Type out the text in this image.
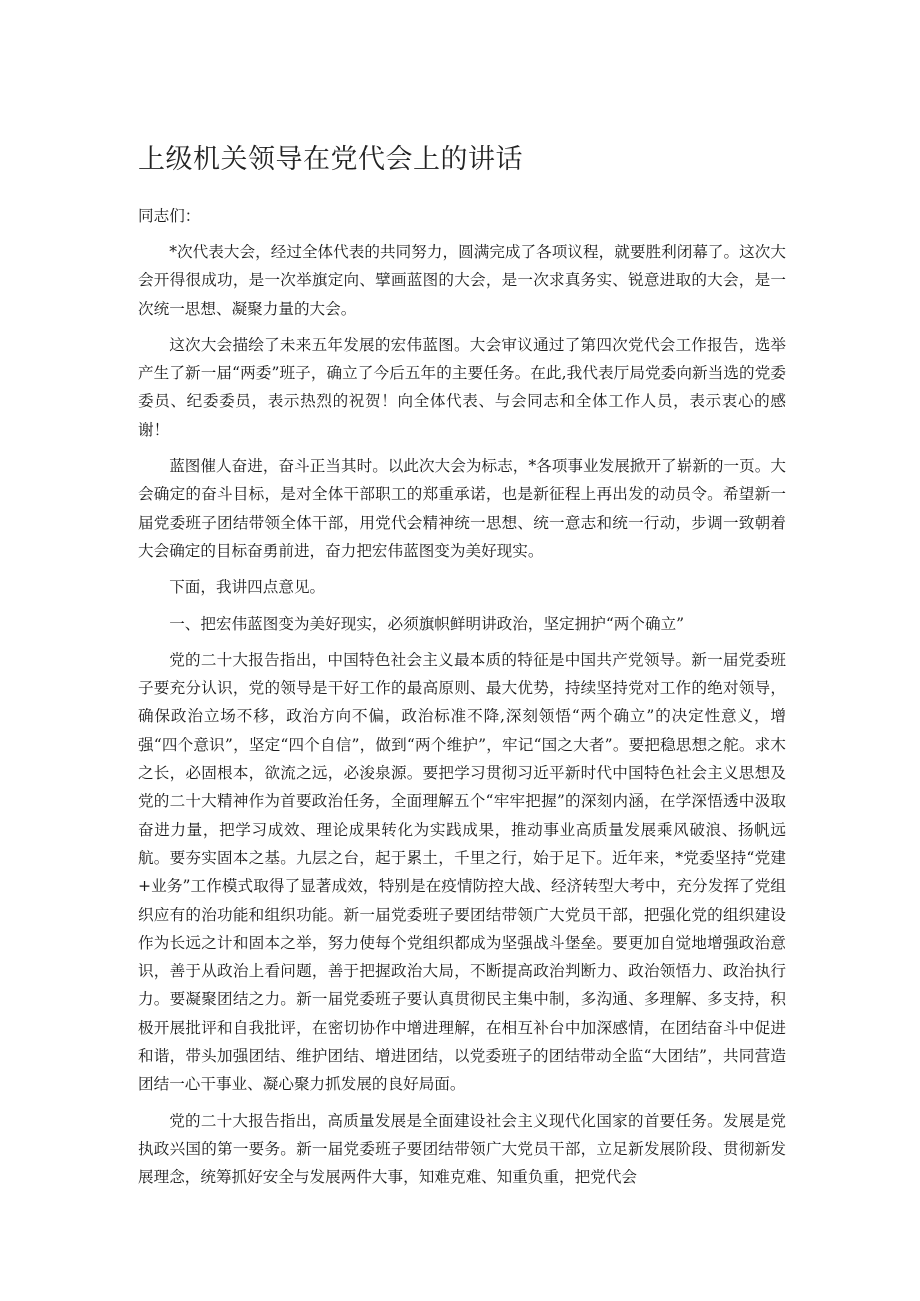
上级机关领导在党代会上的讲话

同志们：

*次代表大会，经过全体代表的共同努力，圆满完成了各项议程，就要胜利闭幕了。这次大会开得很成功，是一次举旗定向、擘画蓝图的大会，是一次求真务实、锐意进取的大会，是一次统一思想、凝聚力量的大会。

这次大会描绘了未来五年发展的宏伟蓝图。大会审议通过了第四次党代会工作报告，选举产生了新一届“两委”班子，确立了今后五年的主要任务。在此,我代表厅局党委向新当选的党委委员、纪委委员，表示热烈的祝贺！向全体代表、与会同志和全体工作人员，表示衷心的感谢！

蓝图催人奋进，奋斗正当其时。以此次大会为标志，*各项事业发展掀开了崭新的一页。大会确定的奋斗目标，是对全体干部职工的郑重承诺，也是新征程上再出发的动员令。希望新一届党委班子团结带领全体干部，用党代会精神统一思想、统一意志和统一行动，步调一致朝着大会确定的目标奋勇前进，奋力把宏伟蓝图变为美好现实。

下面，我讲四点意见。

一、把宏伟蓝图变为美好现实，必须旗帜鲜明讲政治，坚定拥护“两个确立”

党的二十大报告指出，中国特色社会主义最本质的特征是中国共产党领导。新一届党委班子要充分认识，党的领导是干好工作的最高原则、最大优势，持续坚持党对工作的绝对领导，确保政治立场不移，政治方向不偏，政治标准不降,深刻领悟“两个确立”的决定性意义，增强“四个意识”，坚定“四个自信”，做到“两个维护”，牢记“国之大者”。要把稳思想之舵。求木之长，必固根本，欲流之远，必浚泉源。要把学习贯彻习近平新时代中国特色社会主义思想及党的二十大精神作为首要政治任务，全面理解五个“牢牢把握”的深刻内涵，在学深悟透中汲取奋进力量，把学习成效、理论成果转化为实践成果，推动事业高质量发展乘风破浪、扬帆远航。要夯实固本之基。九层之台，起于累土，千里之行，始于足下。近年来，*党委坚持“党建+业务”工作模式取得了显著成效，特别是在疫情防控大战、经济转型大考中，充分发挥了党组织应有的治功能和组织功能。新一届党委班子要团结带领广大党员干部，把强化党的组织建设作为长远之计和固本之举，努力使每个党组织都成为坚强战斗堡垒。要更加自觉地增强政治意识，善于从政治上看问题，善于把握政治大局，不断提高政治判断力、政治领悟力、政治执行力。要凝聚团结之力。新一届党委班子要认真贯彻民主集中制，多沟通、多理解、多支持，积极开展批评和自我批评，在密切协作中增进理解，在相互补台中加深感情，在团结奋斗中促进和谐，带头加强团结、维护团结、增进团结，以党委班子的团结带动全监“大团结”，共同营造团结一心干事业、凝心聚力抓发展的良好局面。

党的二十大报告指出，高质量发展是全面建设社会主义现代化国家的首要任务。发展是党执政兴国的第一要务。新一届党委班子要团结带领广大党员干部，立足新发展阶段、贯彻新发展理念，统筹抓好安全与发展两件大事，知难克难、知重负重，把党代会
